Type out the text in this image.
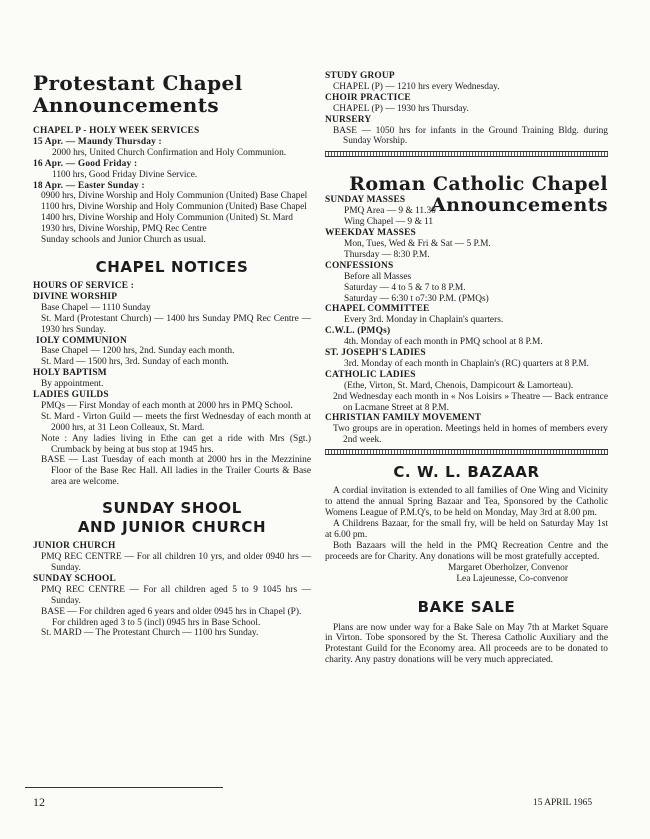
Protestant Chapel

Announcements

CHAPEL P - HOLY WEEK SERVICES

15 Apr. — Maundy Thursday :

2000 hrs, United Church Confirmation and Holy Communion.

16 Apr. — Good Friday :

1100 hrs, Good Friday Divine Service.

18 Apr. — Easter Sunday :

0900 hrs, Divine Worship and Holy Communion (United) Base Chapel

1100 hrs, Divine Worship and Holy Communion (United) Base Chapel

1400 hrs, Divine Worship and Holy Communion (United) St. Mard

1930 hrs, Divine Worship, PMQ Rec Centre

Sunday schools and Junior Church as usual.

CHAPEL NOTICES

HOURS OF SERVICE :

DIVINE WORSHIP

Base Chapel — 1110 Sunday

St. Mard (Protestant Church) — 1400 hrs Sunday PMQ Rec Centre — 1930 hrs Sunday.

IOLY COMMUNION

Base Chapel — 1200 hrs, 2nd. Sunday each month.

St. Mard — 1500 hrs, 3rd. Sunday of each month.

HOLY BAPTISM

By appointment.

LADIES GUILDS

PMQs — First Monday of each month at 2000 hrs in PMQ School.

St. Mard - Virton Guild — meets the first Wednesday of each month at 2000 hrs, at 31 Leon Colleaux, St. Mard.

Note : Any ladies living in Ethe can get a ride with Mrs (Sgt.) Crumback by being at bus stop at 1945 hrs.

BASE — Last Tuesday of each month at 2000 hrs in the Mezzinine Floor of the Base Rec Hall. All ladies in the Trailer Courts & Base area are welcome.

SUNDAY SHOOL

AND JUNIOR CHURCH

JUNIOR CHURCH

PMQ REC CENTRE — For all children 10 yrs, and older 0940 hrs — Sunday.

SUNDAY SCHOOL

PMQ REC CENTRE — For all children aged 5 to 9 1045 hrs — Sunday.

BASE — For children aged 6 years and older 0945 hrs in Chapel (P).

For children aged 3 to 5 (incl) 0945 hrs in Base School.

St. MARD — The Protestant Church — 1100 hrs Sunday.

STUDY GROUP

CHAPEL (P) — 1210 hrs every Wednesday.

CHOIR PRACTICE

CHAPEL (P) — 1930 hrs Thursday.

NURSERY

BASE — 1050 hrs for infants in the Ground Training Bldg. during Sunday Worship.

Roman Catholic Chapel

Announcements

SUNDAY MASSES

PMQ Area — 9 & 11.30

Wing Chapel — 9 & 11

WEEKDAY MASSES

Mon, Tues, Wed & Fri & Sat — 5 P.M.

Thursday — 8:30 P.M.

CONFESSIONS

Before all Masses

Saturday — 4 to 5 & 7 to 8 P.M.

Saturday — 6:30 t o7:30 P.M. (PMQs)

CHAPEL COMMITTEE

Every 3rd. Monday in Chaplain's quarters.

C.W.L. (PMQs)

4th. Monday of each month in PMQ school at 8 P.M.

ST. JOSEPH'S LADIES

3rd. Monday of each month in Chaplain's (RC) quarters at 8 P.M.

CATHOLIC LADIES

(Ethe, Virton, St. Mard, Chenois, Dampicourt & Lamorteau).

2nd Wednesday each month in « Nos Loisirs » Theatre — Back entrance on Lacmane Street at 8 P.M.

CHRISTIAN FAMILY MOVEMENT

Two groups are in operation. Meetings held in homes of members every 2nd week.

C. W. L. BAZAAR

A cordial invitation is extended to all families of One Wing and Vicinity to attend the annual Spring Bazaar and Tea, Sponsored by the Catholic Womens League of P.M.Q's, to be held on Monday, May 3rd at 8.00 pm.

A Childrens Bazaar, for the small fry, will be held on Saturday May 1st at 6.00 pm.

Both Bazaars will the held in the PMQ Recreation Centre and the proceeds are for Charity. Any donations will be most gratefully accepted.

Margaret Oberholzer, Convenor

Lea Lajeunesse, Co-convenor

BAKE SALE

Plans are now under way for a Bake Sale on May 7th at Market Square in Virton. Tobe sponsored by the St. Theresa Catholic Auxiliary and the Protestant Guild for the Economy area. All proceeds are to be donated to charity. Any pastry donations will be very much appreciated.

12	15 APRIL 1965
